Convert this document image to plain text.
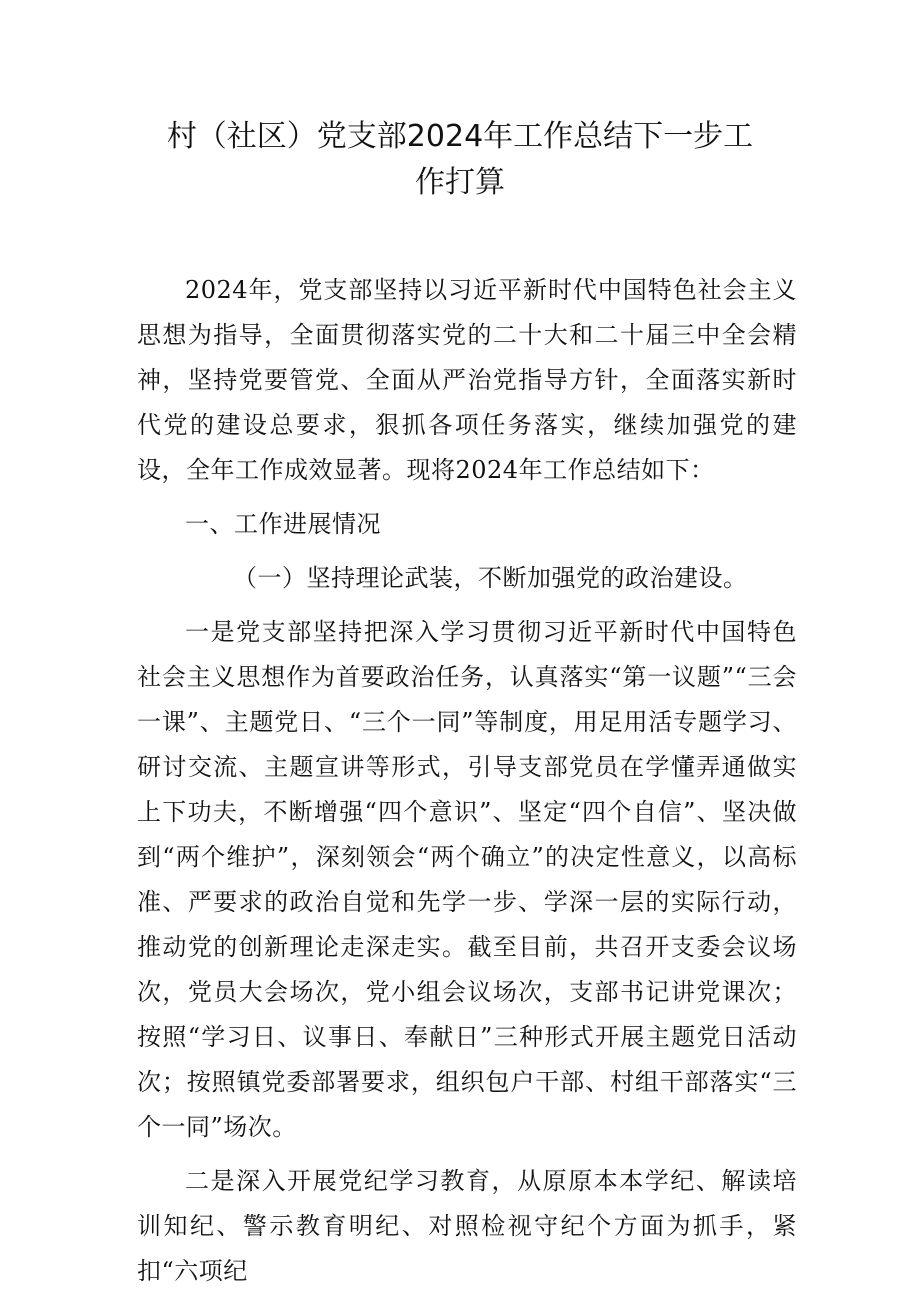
村（社区）党支部2024年工作总结下一步工
作打算

2024年，党支部坚持以习近平新时代中国特色社会主义思想为指导，全面贯彻落实党的二十大和二十届三中全会精神，坚持党要管党、全面从严治党指导方针，全面落实新时代党的建设总要求，狠抓各项任务落实，继续加强党的建设，全年工作成效显著。现将2024年工作总结如下：

一、工作进展情况

（一）坚持理论武装，不断加强党的政治建设。

一是党支部坚持把深入学习贯彻习近平新时代中国特色社会主义思想作为首要政治任务，认真落实“第一议题”“三会一课”、主题党日、“三个一同”等制度，用足用活专题学习、研讨交流、主题宣讲等形式，引导支部党员在学懂弄通做实上下功夫，不断增强“四个意识”、坚定“四个自信”、坚决做到“两个维护”，深刻领会“两个确立”的决定性意义，以高标准、严要求的政治自觉和先学一步、学深一层的实际行动，推动党的创新理论走深走实。截至目前，共召开支委会议场次，党员大会场次，党小组会议场次，支部书记讲党课次；按照“学习日、议事日、奉献日”三种形式开展主题党日活动次；按照镇党委部署要求，组织包户干部、村组干部落实“三个一同”场次。

二是深入开展党纪学习教育，从原原本本学纪、解读培训知纪、警示教育明纪、对照检视守纪个方面为抓手，紧扣“六项纪
